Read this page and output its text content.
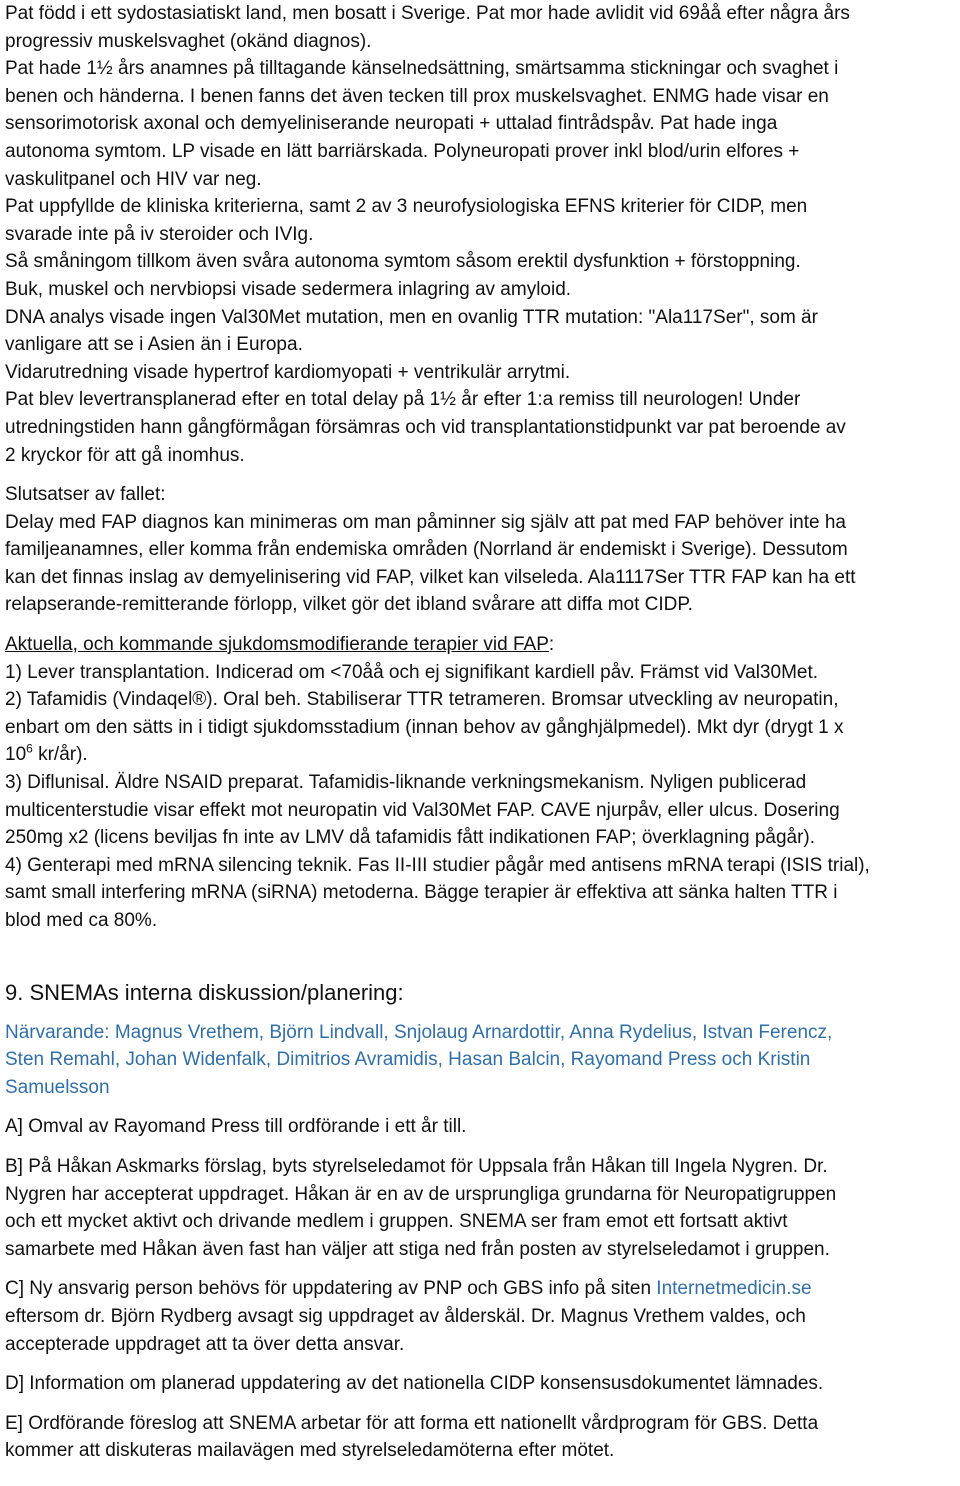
Pat född i ett sydostasiatiskt land, men bosatt i Sverige. Pat mor hade avlidit vid 69åå efter några års
progressiv muskelsvaghet (okänd diagnos).
Pat hade 1½ års anamnes på tilltagande känselnedsättning, smärtsamma stickningar och svaghet i
benen och händerna. I benen fanns det även tecken till prox muskelsvaghet. ENMG hade visar en
sensorimotorisk axonal och demyeliniserande neuropati + uttalad fintrådspåv. Pat hade inga
autonoma symtom. LP visade en lätt barriärskada. Polyneuropati prover inkl blod/urin elfores +
vaskulitpanel och HIV var neg.
Pat uppfyllde de kliniska kriterierna, samt 2 av 3 neurofysiologiska EFNS kriterier för CIDP, men
svarade inte på iv steroider och IVIg.
Så småningom tillkom även svåra autonoma symtom såsom erektil dysfunktion + förstoppning.
Buk, muskel och nervbiopsi visade sedermera inlagring av amyloid.
DNA analys visade ingen Val30Met mutation, men en ovanlig TTR mutation: "Ala117Ser", som är
vanligare att se i Asien än i Europa.
Vidarutredning visade hypertrof kardiomyopati + ventrikulär arrytmi.
Pat blev levertransplanerad efter en total delay på 1½ år efter 1:a remiss till neurologen! Under
utredningstiden hann gångförmågan försämras och vid transplantationstidpunkt var pat beroende av
2 kryckor för att gå inomhus.
Slutsatser av fallet:
Delay med FAP diagnos kan minimeras om man påminner sig själv att pat med FAP behöver inte ha
familjeanamnes, eller komma från endemiska områden (Norrland är endemiskt i Sverige). Dessutom
kan det finnas inslag av demyelinisering vid FAP, vilket kan vilseleda. Ala1117Ser TTR FAP kan ha ett
relapserande-remitterande förlopp, vilket gör det ibland svårare att diffa mot CIDP.
Aktuella, och kommande sjukdomsmodifierande terapier vid FAP:
1) Lever transplantation. Indicerad om <70åå och ej signifikant kardiell påv. Främst vid Val30Met.
2) Tafamidis (Vindaqel®). Oral beh. Stabiliserar TTR tetrameren. Bromsar utveckling av neuropatin,
enbart om den sätts in i tidigt sjukdomsstadium (innan behov av gånghjälpmedel). Mkt dyr (drygt 1 x
$10^6$ kr/år).
3) Diflunisal. Äldre NSAID preparat. Tafamidis-liknande verkningsmekanism. Nyligen publicerad
multicenterstudie visar effekt mot neuropatin vid Val30Met FAP. CAVE njurpåv, eller ulcus. Dosering
250mg x2 (licens beviljas fn inte av LMV då tafamidis fått indikationen FAP; överklagning pågår).
4) Genterapi med mRNA silencing teknik. Fas II-III studier pågår med antisens mRNA terapi (ISIS trial),
samt small interfering mRNA (siRNA) metoderna. Bägge terapier är effektiva att sänka halten TTR i
blod med ca 80%.
9. SNEMAs interna diskussion/planering:
Närvarande: Magnus Vrethem, Björn Lindvall, Snjolaug Arnardottir, Anna Rydelius, Istvan Ferencz,
Sten Remahl, Johan Widenfalk, Dimitrios Avramidis, Hasan Balcin, Rayomand Press och Kristin
Samuelsson
A] Omval av Rayomand Press till ordförande i ett år till.
B] På Håkan Askmarks förslag, byts styrelseledamot för Uppsala från Håkan till Ingela Nygren. Dr.
Nygren har accepterat uppdraget. Håkan är en av de ursprungliga grundarna för Neuropatigruppen
och ett mycket aktivt och drivande medlem i gruppen. SNEMA ser fram emot ett fortsatt aktivt
samarbete med Håkan även fast han väljer att stiga ned från posten av styrelseledamot i gruppen.
C] Ny ansvarig person behövs för uppdatering av PNP och GBS info på siten Internetmedicin.se
eftersom dr. Björn Rydberg avsagt sig uppdraget av ålderskäl. Dr. Magnus Vrethem valdes, och
accepterade uppdraget att ta över detta ansvar.
D] Information om planerad uppdatering av det nationella CIDP konsensusdokumentet lämnades.
E] Ordförande föreslog att SNEMA arbetar för att forma ett nationellt vårdprogram för GBS. Detta
kommer att diskuteras mailavägen med styrelseledamöterna efter mötet.
